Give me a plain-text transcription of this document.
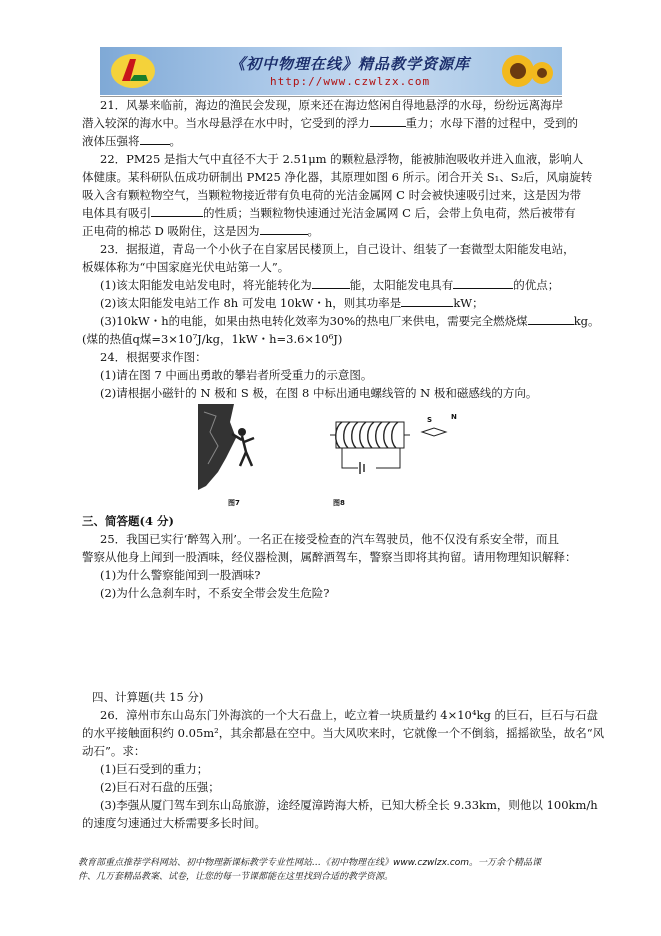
《初中物理在线》精品教学资源库
http://www.czwlzx.com
21．风暴来临前，海边的渔民会发现，原来还在海边悠闲自得地悬浮的水母，纷纷远离海岸
潜入较深的海水中。当水母悬浮在水中时，它受到的浮力	重力；水母下潜的过程中，受到的
液体压强将	。
22．PM25 是指大气中直径不大于 2.51μm 的颗粒悬浮物，能被肺泡吸收并进入血液，影响人
体健康。某科研队伍成功研制出 PM25 净化器，其原理如图 6 所示。闭合开关 S₁、S₂后，风扇旋转
吸入含有颗粒物空气，当颗粒物接近带有负电荷的光洁金属网 C 时会被快速吸引过来，这是因为带
电体具有吸引	的性质；当颗粒物快速通过光洁金属网 C 后，会带上负电荷，然后被带有
正电荷的棉芯 D 吸附住，这是因为	。
23．据报道，青岛一个小伙子在自家居民楼顶上，自己设计、组装了一套微型太阳能发电站，
板媒体称为“中国家庭光伏电站第一人”。
(1)该太阳能发电站发电时，将光能转化为	能，太阳能发电具有	的优点；
(2)该太阳能发电站工作 8h 可发电 10kW・h，则其功率是	kW；
(3)10kW・h的电能，如果由热电转化效率为30%的热电厂来供电，需要完全燃烧煤	kg。
(煤的热值q煤=3×10⁷J/kg，1kW・h=3.6×10⁶J)
24．根据要求作图：
(1)请在图 7 中画出勇敢的攀岩者所受重力的示意图。
(2)请根据小磁针的 N 极和 S 极，在图 8 中标出通电螺线管的 N 极和磁感线的方向。
图7
S	N
图8
三、简答题(4 分)
25．我国已实行‘醉驾入刑’。一名正在接受检查的汽车驾驶员，他不仅没有系安全带，而且
警察从他身上闻到一股酒味，经仪器检测，属醉酒驾车，警察当即将其拘留。请用物理知识解释：
(1)为什么警察能闻到一股酒味?
(2)为什么急刹车时，不系安全带会发生危险?
四、计算题(共 15 分)
26．漳州市东山岛东门外海滨的一个大石盘上，屹立着一块质量约 4×10⁴kg 的巨石，巨石与石盘
的水平接触面积约 0.05m²，其余都悬在空中。当大风吹来时，它就像一个不倒翁，摇摇欲坠，故名“风
动石”。求：
(1)巨石受到的重力；
(2)巨石对石盘的压强；
(3)李强从厦门驾车到东山岛旅游，途经厦漳跨海大桥，已知大桥全长 9.33km，则他以 100km/h
的速度匀速通过大桥需要多长时间。
教育部重点推荐学科网站、初中物理新课标教学专业性网站…《初中物理在线》www.czwlzx.com。一万余个精品课
件、几万套精品教案、试卷，让您的每一节课都能在这里找到合适的教学资源。
